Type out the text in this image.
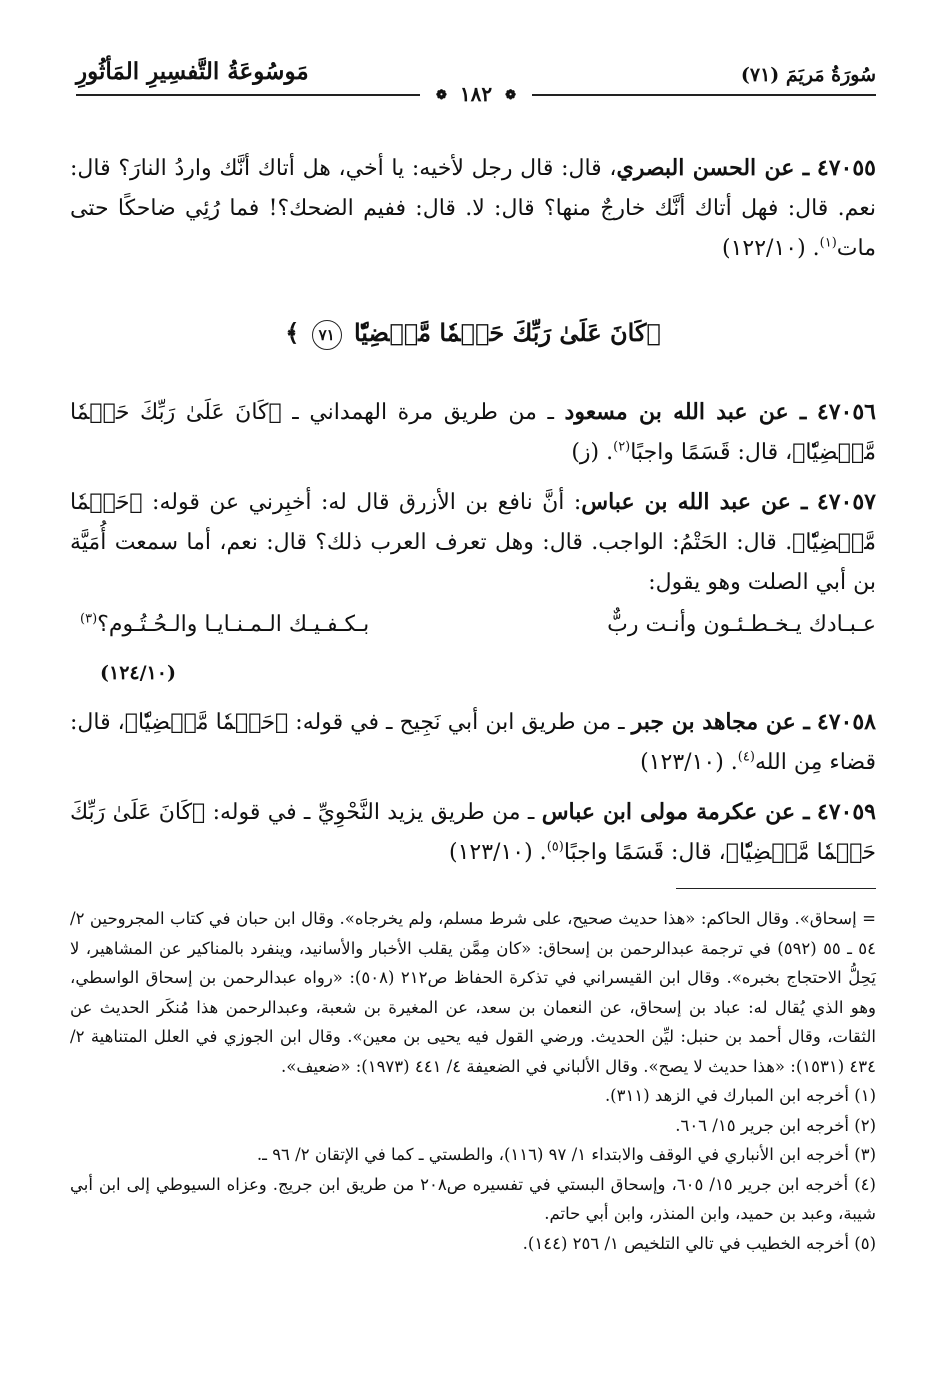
مَوسُوعَةُ التَّفسِيرِ المَأثُورِ	سُورَةُ مَريَمَ (٧١)
❁ ١٨٢ ❁
٤٧٠٥٥ ـ عن الحسن البصري، قال: قال رجل لأخيه: يا أخي، هل أتاك أنَّك واردُ النارَ؟ قال: نعم. قال: فهل أتاك أنَّك خارجٌ منها؟ قال: لا. قال: ففيم الضحك؟! فما رُئِي ضاحكًا حتى مات$^{(١)}$. (١٢٢/١٠)
﴿كَانَ عَلَىٰ رَبِّكَ حَتۡمٗا مَّقۡضِيّٗا ٧١ ﴾
٤٧٠٥٦ ـ عن عبد الله بن مسعود ـ من طريق مرة الهمداني ـ ﴿كَانَ عَلَىٰ رَبِّكَ حَتۡمٗا مَّقۡضِيّٗا﴾، قال: قَسَمًا واجبًا$^{(٢)}$. (ز)
٤٧٠٥٧ ـ عن عبد الله بن عباس: أنَّ نافع بن الأزرق قال له: أخبِرني عن قوله: ﴿حَتۡمٗا مَّقۡضِيّٗا﴾. قال: الحَتْمُ: الواجب. قال: وهل تعرف العرب ذلك؟ قال: نعم، أما سمعت أُمَيَّة بن أبي الصلت وهو يقول:
عـبـادك يـخـطـئـون وأنـت ربٌّ
بـكـفـيـك الـمـنـايـا والـحُـتُـوم؟$^{(٣)}$
(١٢٤/١٠)
٤٧٠٥٨ ـ عن مجاهد بن جبر ـ من طريق ابن أبي نَجِيح ـ في قوله: ﴿حَتۡمٗا مَّقۡضِيّٗا﴾، قال: قضاء مِن الله$^{(٤)}$. (١٢٣/١٠)
٤٧٠٥٩ ـ عن عكرمة مولى ابن عباس ـ من طريق يزيد النَّحْوِيِّ ـ في قوله: ﴿كَانَ عَلَىٰ رَبِّكَ حَتۡمٗا مَّقۡضِيّٗا﴾، قال: قَسَمًا واجبًا$^{(٥)}$. (١٢٣/١٠)

= إسحاق». وقال الحاكم: «هذا حديث صحيح، على شرط مسلم، ولم يخرجاه». وقال ابن حبان في كتاب المجروحين ٢/ ٥٤ ـ ٥٥ (٥٩٢) في ترجمة عبدالرحمن بن إسحاق: «كان مِمَّن يقلب الأخبار والأسانيد، وينفرد بالمناكير عن المشاهير، لا يَحِلُّ الاحتجاج بخبره». وقال ابن القيسراني في تذكرة الحفاظ ص٢١٢ (٥٠٨): «رواه عبدالرحمن بن إسحاق الواسطي، وهو الذي يُقال له: عباد بن إسحاق، عن النعمان بن سعد، عن المغيرة بن شعبة، وعبدالرحمن هذا مُنكَر الحديث عن الثقات، وقال أحمد بن حنبل: ليِّن الحديث. ورضي القول فيه يحيى بن معين». وقال ابن الجوزي في العلل المتناهية ٢/ ٤٣٤ (١٥٣١): «هذا حديث لا يصح». وقال الألباني في الضعيفة ٤/ ٤٤١ (١٩٧٣): «ضعيف».

(١) أخرجه ابن المبارك في الزهد (٣١١).

(٢) أخرجه ابن جرير ١٥/ ٦٠٦.

(٣) أخرجه ابن الأنباري في الوقف والابتداء ١/ ٩٧ (١١٦)، والطستي ـ كما في الإتقان ٢/ ٩٦ ـ.

(٤) أخرجه ابن جرير ١٥/ ٦٠٥، وإسحاق البستي في تفسيره ص٢٠٨ من طريق ابن جريج. وعزاه السيوطي إلى ابن أبي شيبة، وعبد بن حميد، وابن المنذر، وابن أبي حاتم.

(٥) أخرجه الخطيب في تالي التلخيص ١/ ٢٥٦ (١٤٤).
